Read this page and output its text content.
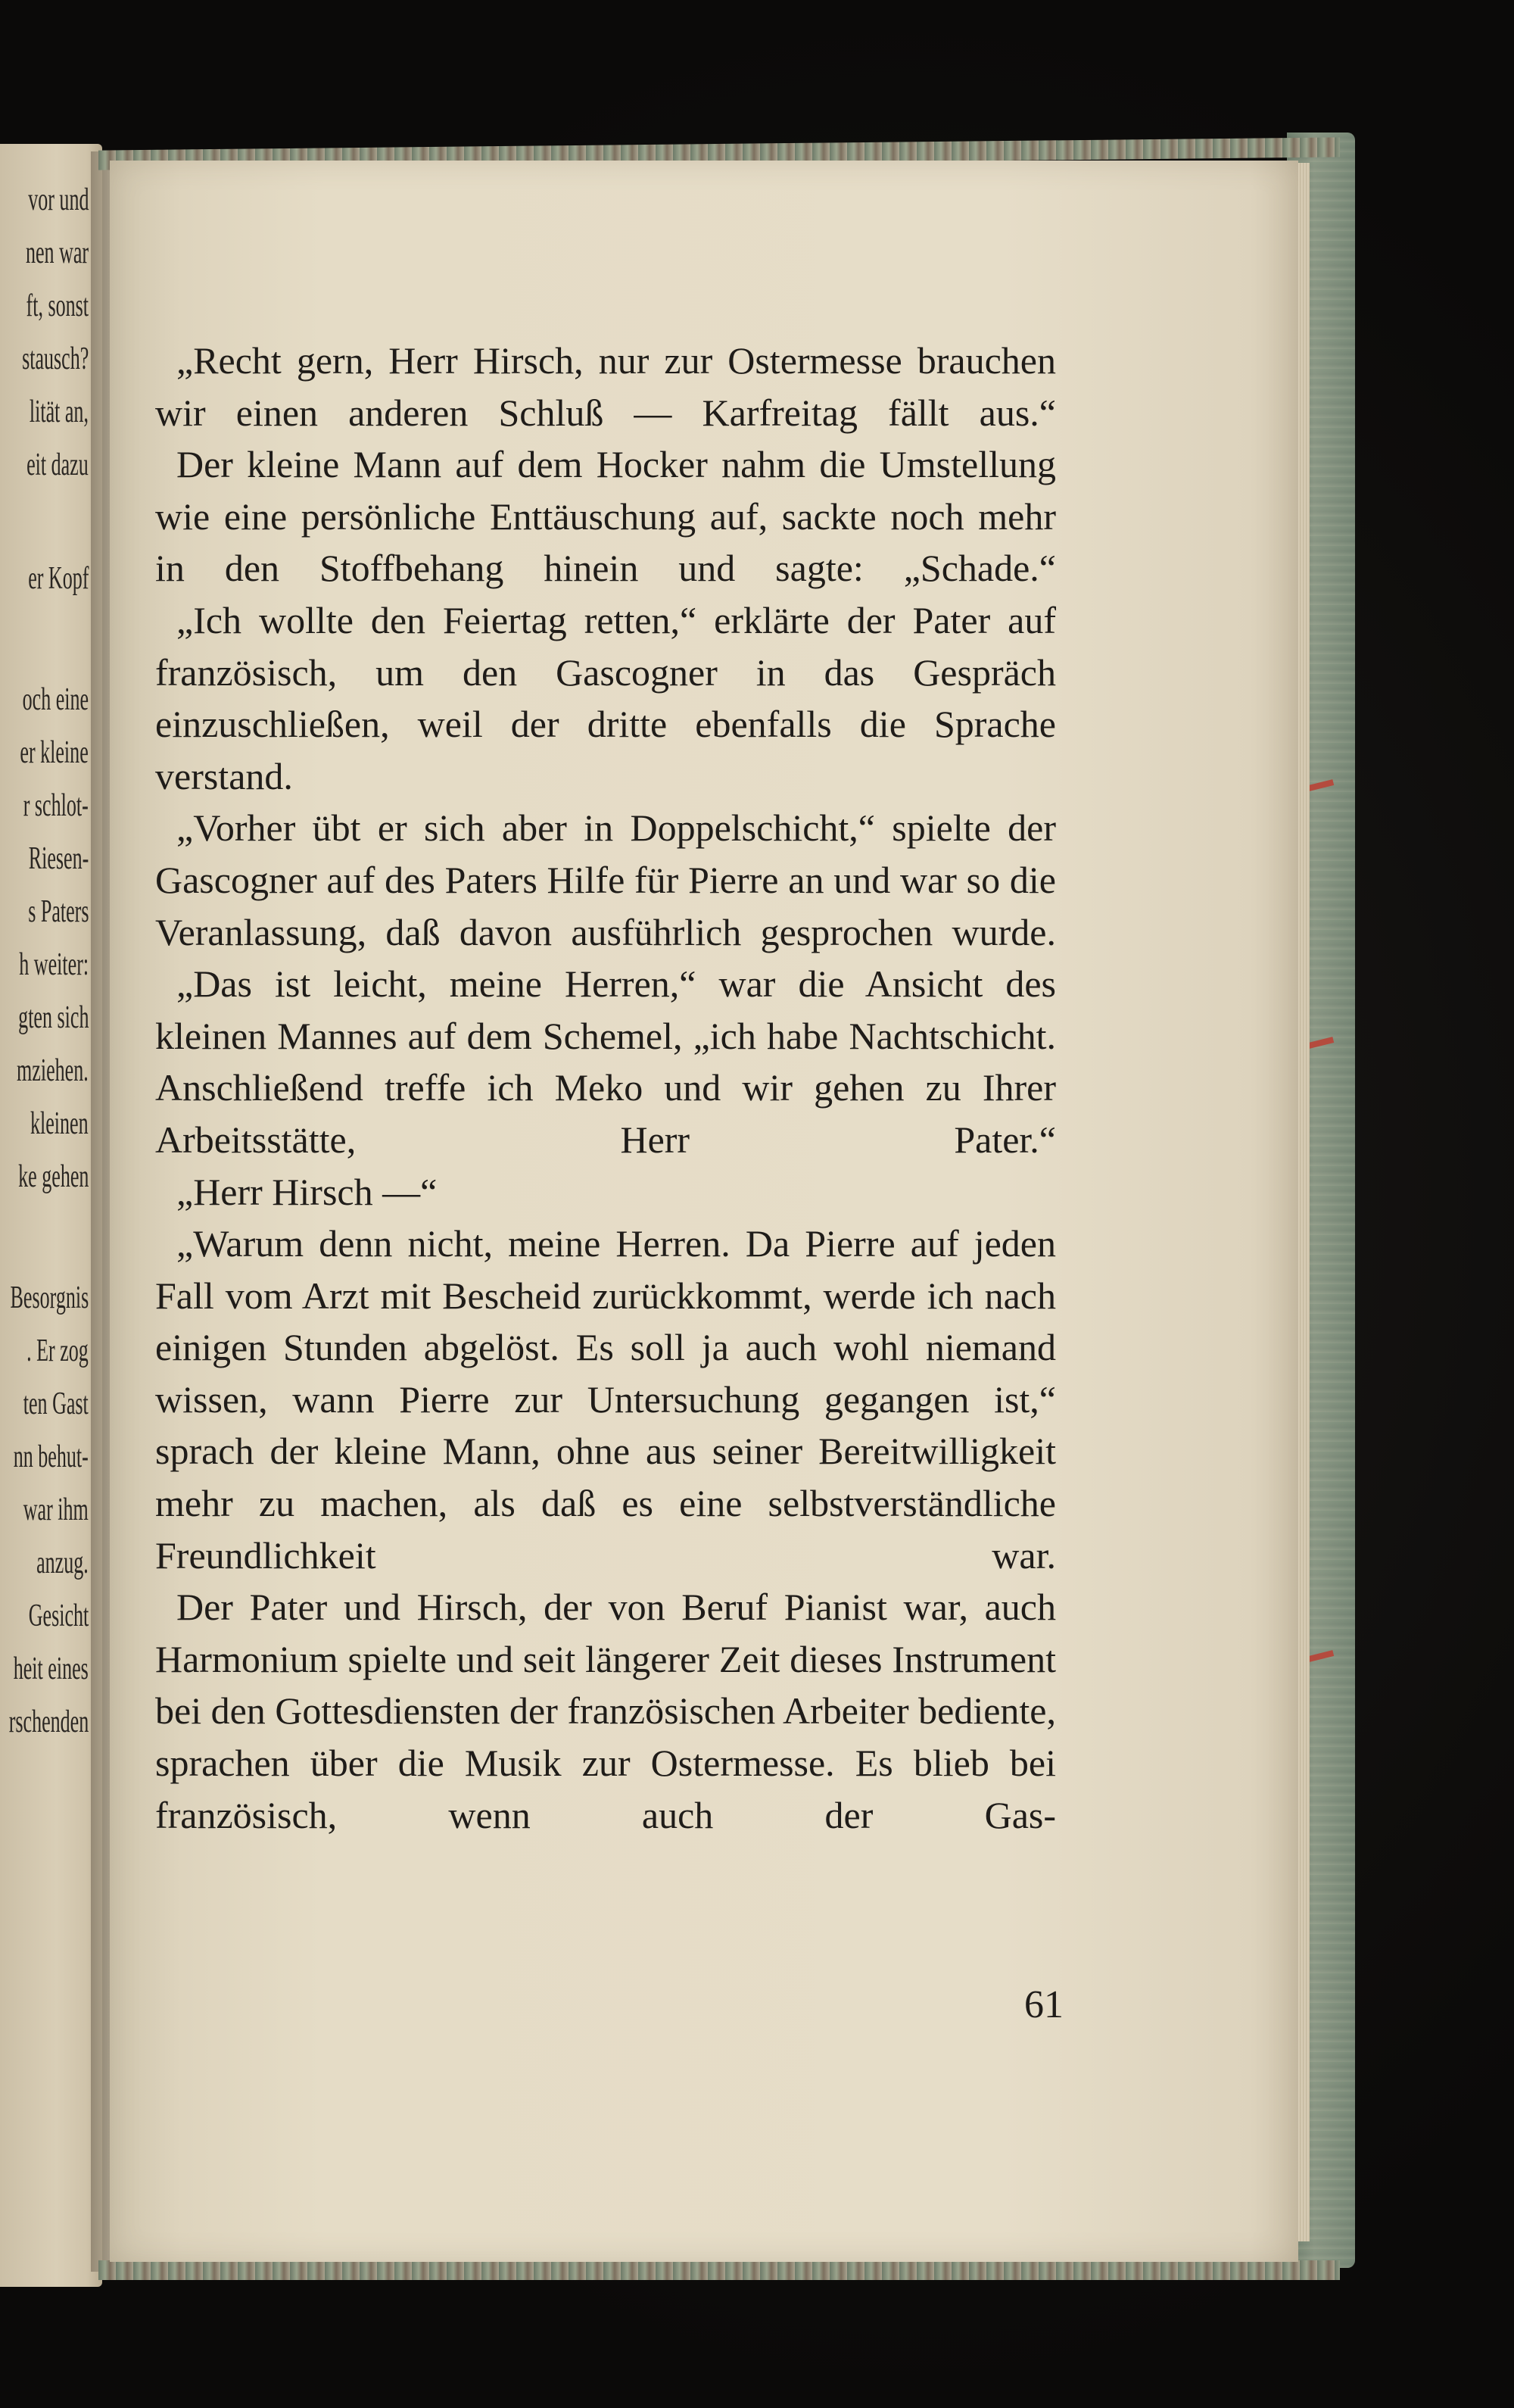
vor und
nen war
ft, sonst
stausch?
lität an,
eit dazu
er Kopf
och eine
er kleine
r schlot-
Riesen-
s Paters
h weiter:
gten sich
mziehen.
kleinen
ke gehen
Besorgnis
. Er zog
ten Gast
nn behut-
war ihm
anzug.
Gesicht
heit eines
rschenden

„Recht gern, Herr Hirsch, nur zur Ostermesse brauchen wir einen anderen Schluß — Karfreitag fällt aus.“

Der kleine Mann auf dem Hocker nahm die Umstellung wie eine persönliche Enttäuschung auf, sackte noch mehr in den Stoffbehang hinein und sagte: „Schade.“

„Ich wollte den Feiertag retten,“ erklärte der Pater auf französisch, um den Gascogner in das Gespräch einzuschließen, weil der dritte ebenfalls die Sprache verstand.

„Vorher übt er sich aber in Doppelschicht,“ spielte der Gascogner auf des Paters Hilfe für Pierre an und war so die Veranlassung, daß davon ausführlich gesprochen wurde.

„Das ist leicht, meine Herren,“ war die Ansicht des kleinen Mannes auf dem Schemel, „ich habe Nachtschicht. Anschließend treffe ich Meko und wir gehen zu Ihrer Arbeitsstätte, Herr Pater.“

„Herr Hirsch —“

„Warum denn nicht, meine Herren. Da Pierre auf jeden Fall vom Arzt mit Bescheid zurückkommt, werde ich nach einigen Stunden abgelöst. Es soll ja auch wohl niemand wissen, wann Pierre zur Untersuchung gegangen ist,“ sprach der kleine Mann, ohne aus seiner Bereitwilligkeit mehr zu machen, als daß es eine selbstverständliche Freundlichkeit war.

Der Pater und Hirsch, der von Beruf Pianist war, auch Harmonium spielte und seit längerer Zeit dieses Instrument bei den Gottesdiensten der französischen Arbeiter bediente, sprachen über die Musik zur Ostermesse. Es blieb bei französisch, wenn auch der Gas-

61
